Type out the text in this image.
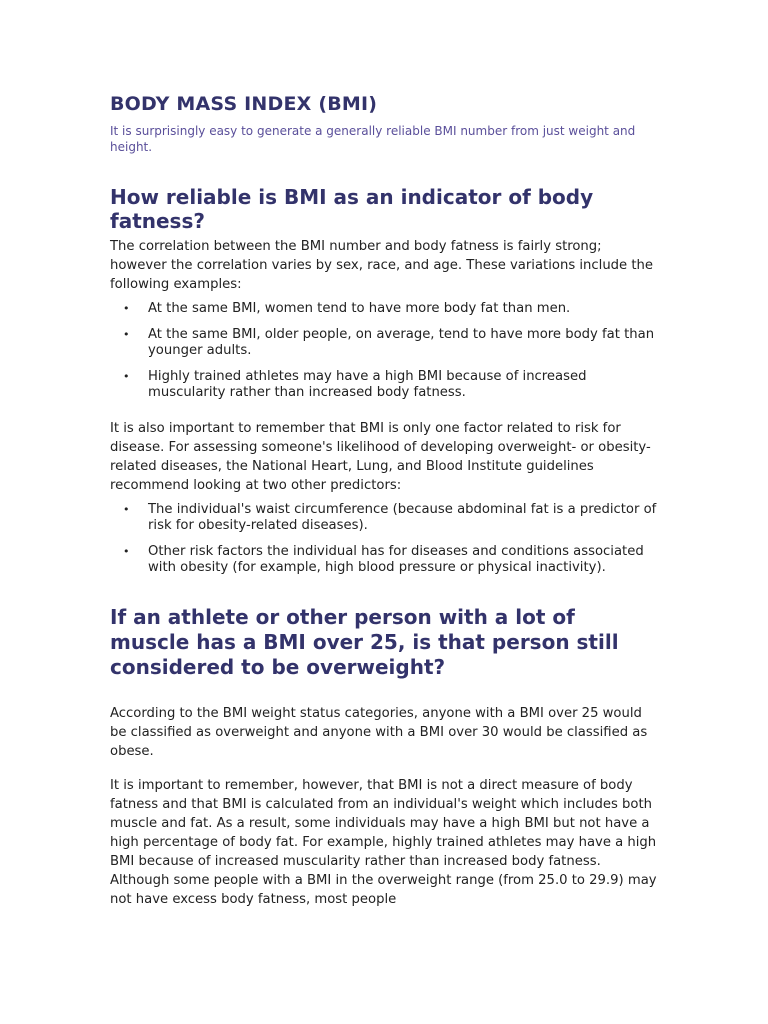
BODY MASS INDEX (BMI)

It is surprisingly easy to generate a generally reliable BMI number from just weight and height.

How reliable is BMI as an indicator of body fatness?

The correlation between the BMI number and body fatness is fairly strong; however the correlation varies by sex, race, and age. These variations include the following examples:

• At the same BMI, women tend to have more body fat than men.
• At the same BMI, older people, on average, tend to have more body fat than younger adults.
• Highly trained athletes may have a high BMI because of increased muscularity rather than increased body fatness.

It is also important to remember that BMI is only one factor related to risk for disease. For assessing someone's likelihood of developing overweight- or obesity-related diseases, the National Heart, Lung, and Blood Institute guidelines recommend looking at two other predictors:

• The individual's waist circumference (because abdominal fat is a predictor of risk for obesity-related diseases).
• Other risk factors the individual has for diseases and conditions associated with obesity (for example, high blood pressure or physical inactivity).
If an athlete or other person with a lot of muscle has a BMI over 25, is that person still considered to be overweight?

According to the BMI weight status categories, anyone with a BMI over 25 would be classified as overweight and anyone with a BMI over 30 would be classified as obese.

It is important to remember, however, that BMI is not a direct measure of body fatness and that BMI is calculated from an individual's weight which includes both muscle and fat. As a result, some individuals may have a high BMI but not have a high percentage of body fat. For example, highly trained athletes may have a high BMI because of increased muscularity rather than increased body fatness. Although some people with a BMI in the overweight range (from 25.0 to 29.9) may not have excess body fatness, most people
